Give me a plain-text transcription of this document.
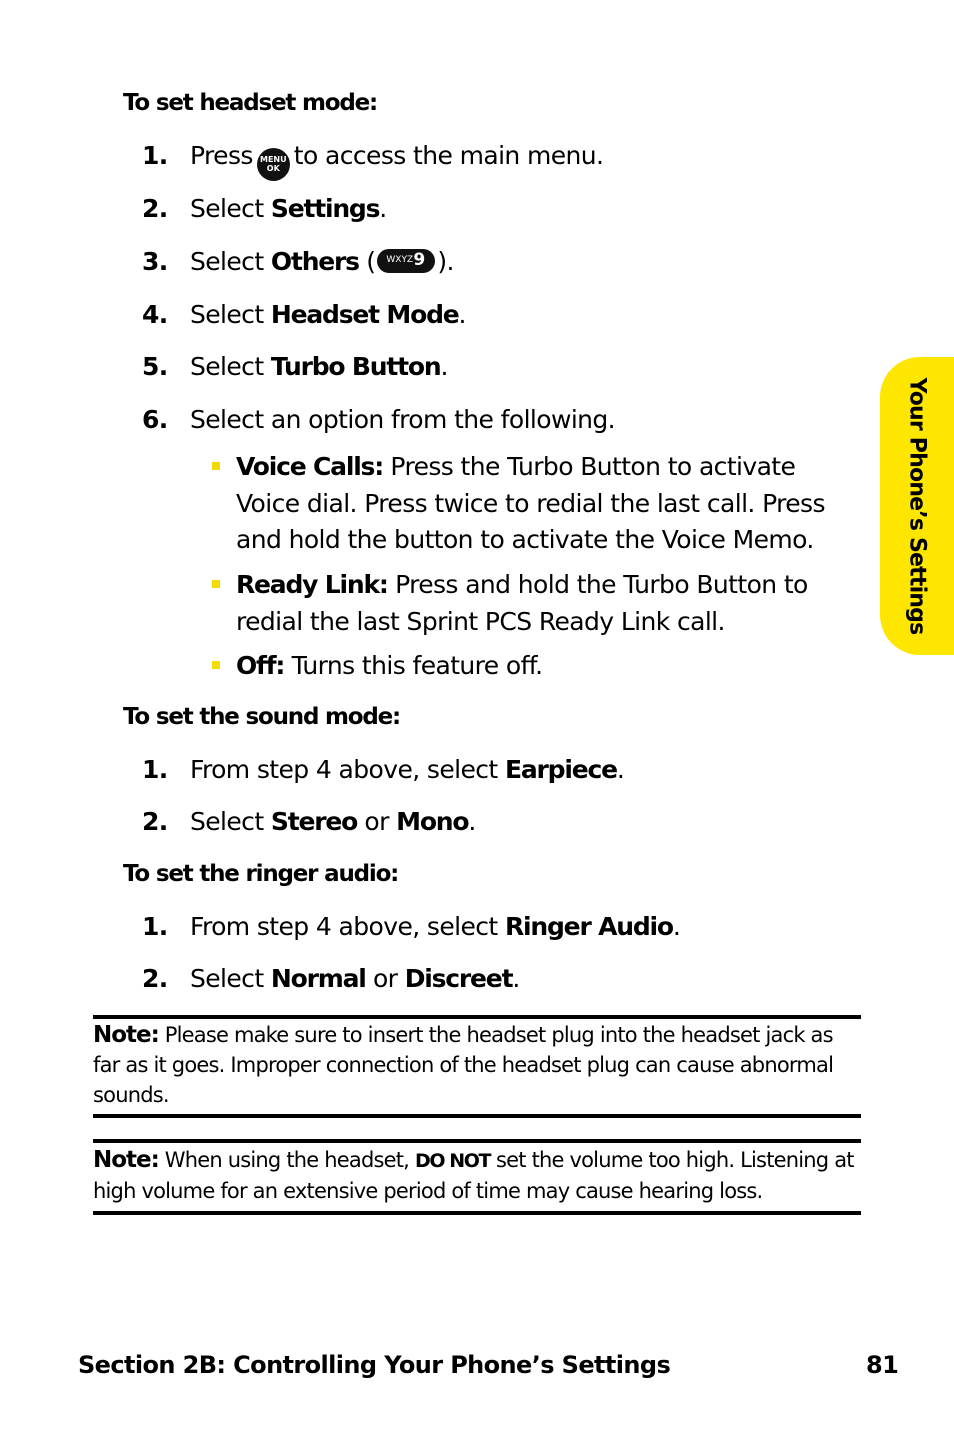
Your Phone’s Settings
To set headset mode:
1. Press MENU
OK to access the main menu.
2. Select Settings.
3. Select Others ( WXYZ 9 ).
4. Select Headset Mode.
5. Select Turbo Button.
6. Select an option from the following.
Voice Calls: Press the Turbo Button to activate Voice dial. Press twice to redial the last call. Press and hold the button to activate the Voice Memo.
Ready Link: Press and hold the Turbo Button to redial the last Sprint PCS Ready Link call.
Off: Turns this feature off.
To set the sound mode:
1. From step 4 above, select Earpiece.
2. Select Stereo or Mono.
To set the ringer audio:
1. From step 4 above, select Ringer Audio.
2. Select Normal or Discreet.
Note: Please make sure to insert the headset plug into the headset jack as far as it goes. Improper connection of the headset plug can cause abnormal sounds.
Note: When using the headset, DO NOT set the volume too high. Listening at high volume for an extensive period of time may cause hearing loss.
Section 2B: Controlling Your Phone’s Settings	81
